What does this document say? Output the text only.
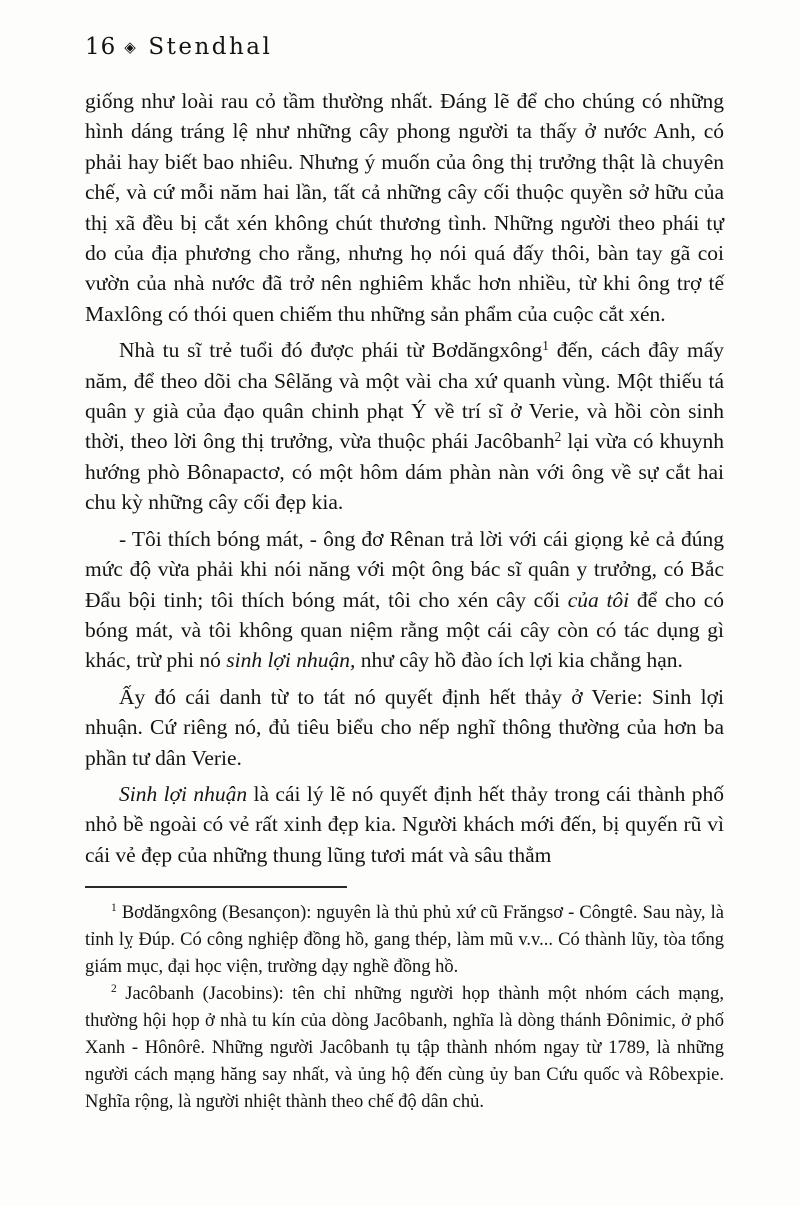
16 ◈ Stendhal

giống như loài rau cỏ tầm thường nhất. Đáng lẽ để cho chúng có những hình dáng tráng lệ như những cây phong người ta thấy ở nước Anh, có phải hay biết bao nhiêu. Nhưng ý muốn của ông thị trưởng thật là chuyên chế, và cứ mỗi năm hai lần, tất cả những cây cối thuộc quyền sở hữu của thị xã đều bị cắt xén không chút thương tình. Những người theo phái tự do của địa phương cho rằng, nhưng họ nói quá đấy thôi, bàn tay gã coi vườn của nhà nước đã trở nên nghiêm khắc hơn nhiều, từ khi ông trợ tế Maxlông có thói quen chiếm thu những sản phẩm của cuộc cắt xén.

Nhà tu sĩ trẻ tuổi đó được phái từ Bơdăngxông$^1$ đến, cách đây mấy năm, để theo dõi cha Sêlăng và một vài cha xứ quanh vùng. Một thiếu tá quân y già của đạo quân chinh phạt Ý về trí sĩ ở Verie, và hồi còn sinh thời, theo lời ông thị trưởng, vừa thuộc phái Jacôbanh$^2$ lại vừa có khuynh hướng phò Bônapactơ, có một hôm dám phàn nàn với ông về sự cắt hai chu kỳ những cây cối đẹp kia.

- Tôi thích bóng mát, - ông đơ Rênan trả lời với cái giọng kẻ cả đúng mức độ vừa phải khi nói năng với một ông bác sĩ quân y trưởng, có Bắc Đẩu bội tinh; tôi thích bóng mát, tôi cho xén cây cối của tôi để cho có bóng mát, và tôi không quan niệm rằng một cái cây còn có tác dụng gì khác, trừ phi nó sinh lợi nhuận, như cây hồ đào ích lợi kia chẳng hạn.

Ấy đó cái danh từ to tát nó quyết định hết thảy ở Verie: Sinh lợi nhuận. Cứ riêng nó, đủ tiêu biểu cho nếp nghĩ thông thường của hơn ba phần tư dân Verie.

Sinh lợi nhuận là cái lý lẽ nó quyết định hết thảy trong cái thành phố nhỏ bề ngoài có vẻ rất xinh đẹp kia. Người khách mới đến, bị quyến rũ vì cái vẻ đẹp của những thung lũng tươi mát và sâu thẳm

$^1$ Bơdăngxông (Besançon): nguyên là thủ phủ xứ cũ Frăngsơ - Côngtê. Sau này, là tỉnh lỵ Đúp. Có công nghiệp đồng hồ, gang thép, làm mũ v.v... Có thành lũy, tòa tổng giám mục, đại học viện, trường dạy nghề đồng hồ.

$^2$ Jacôbanh (Jacobins): tên chỉ những người họp thành một nhóm cách mạng, thường hội họp ở nhà tu kín của dòng Jacôbanh, nghĩa là dòng thánh Đônimic, ở phố Xanh - Hônôrê. Những người Jacôbanh tụ tập thành nhóm ngay từ 1789, là những người cách mạng hăng say nhất, và ủng hộ đến cùng ủy ban Cứu quốc và Rôbexpie. Nghĩa rộng, là người nhiệt thành theo chế độ dân chủ.
